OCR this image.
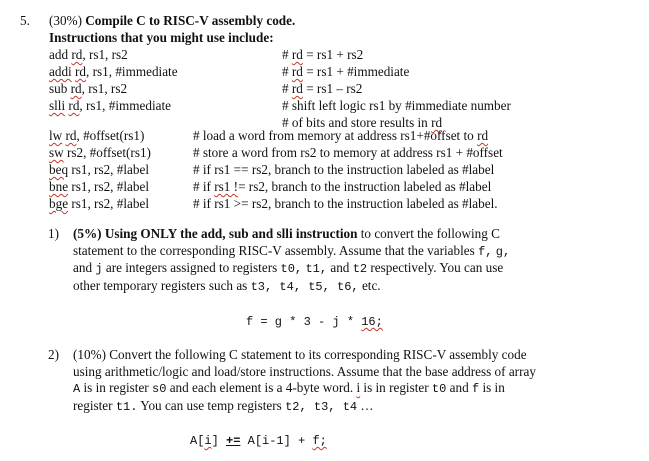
5. (30%) Compile C to RISC-V assembly code.
Instructions that you might use include:
add rd, rs1, rs2	# rd = rs1 + rs2
addi rd, rs1, #immediate	# rd = rs1 + #immediate
sub rd, rs1, rs2	# rd = rs1 – rs2
slli rd, rs1, #immediate	# shift left logic rs1 by #immediate number
# of bits and store results in rd
lw rd, #offset(rs1)	# load a word from memory at address rs1+#offset to rd
sw rs2, #offset(rs1)	# store a word from rs2 to memory at address rs1 + #offset
beq rs1, rs2, #label	# if rs1 == rs2, branch to the instruction labeled as #label
bne rs1, rs2, #label	# if rs1 != rs2, branch to the instruction labeled as #label
bge rs1, rs2, #label	# if rs1 >= rs2, branch to the instruction labeled as #label.
1) (5%) Using ONLY the add, sub and slli instruction to convert the following C
statement to the corresponding RISC-V assembly. Assume that the variables f, g,
and j are integers assigned to registers t0, t1, and t2 respectively. You can use
other temporary registers such as t3, t4, t5, t6, etc.
f = g * 3 - j * 16;
2) (10%) Convert the following C statement to its corresponding RISC-V assembly code
using arithmetic/logic and load/store instructions. Assume that the base address of array
A is in register s0 and each element is a 4-byte word. i is in register t0 and f is in
register t1. You can use temp registers t2, t3, t4 …
A[i] += A[i-1] + f;
